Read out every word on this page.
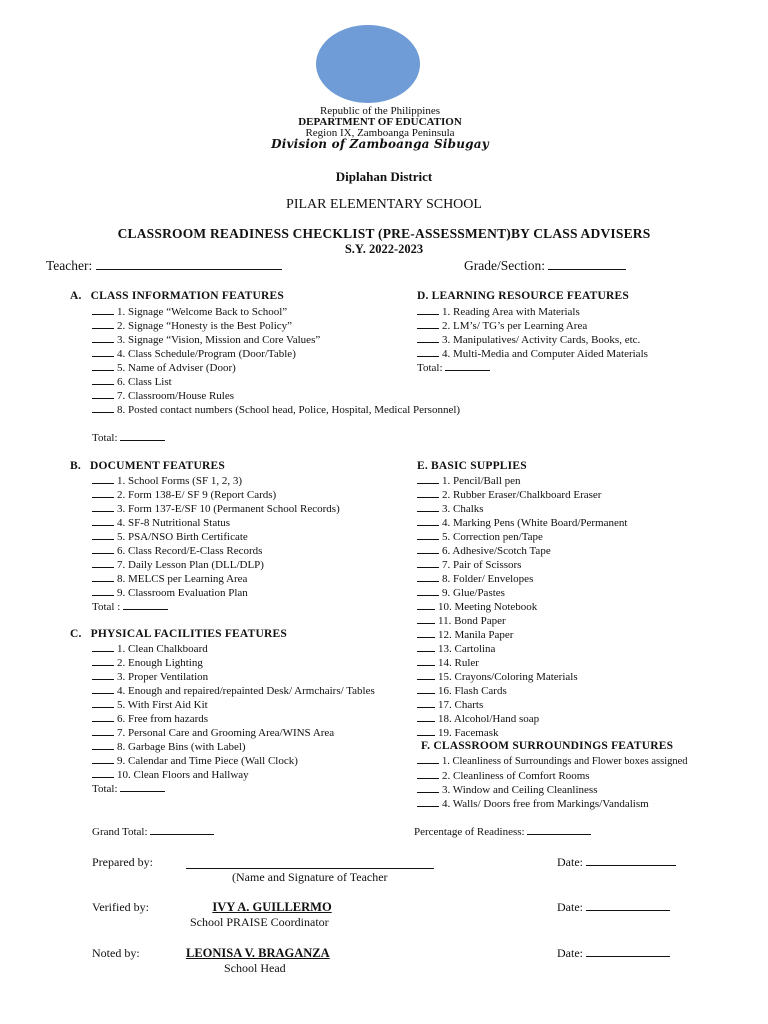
Republic of the Philippines
DEPARTMENT OF EDUCATION
Region IX, Zamboanga Peninsula
Division of Zamboanga Sibugay
Diplahan District
PILAR ELEMENTARY SCHOOL
CLASSROOM READINESS CHECKLIST (PRE-ASSESSMENT)BY CLASS ADVISERS
S.Y. 2022-2023
Teacher:	Grade/Section:
A. CLASS INFORMATION FEATURES
1. Signage “Welcome Back to School”
2. Signage “Honesty is the Best Policy”
3. Signage “Vision, Mission and Core Values”
4. Class Schedule/Program (Door/Table)
5. Name of Adviser (Door)
6. Class List
7. Classroom/House Rules
8. Posted contact numbers (School head, Police, Hospital, Medical Personnel)
Total:
B. DOCUMENT FEATURES
1. School Forms (SF 1, 2, 3)
2. Form 138-E/ SF 9 (Report Cards)
3. Form 137-E/SF 10 (Permanent School Records)
4. SF-8 Nutritional Status
5. PSA/NSO Birth Certificate
6. Class Record/E-Class Records
7. Daily Lesson Plan (DLL/DLP)
8. MELCS per Learning Area
9. Classroom Evaluation Plan
Total :
C. PHYSICAL FACILITIES FEATURES
1. Clean Chalkboard
2. Enough Lighting
3. Proper Ventilation
4. Enough and repaired/repainted Desk/ Armchairs/ Tables
5. With First Aid Kit
6. Free from hazards
7. Personal Care and Grooming Area/WINS Area
8. Garbage Bins (with Label)
9. Calendar and Time Piece (Wall Clock)
10. Clean Floors and Hallway
Total:
D. LEARNING RESOURCE FEATURES
1. Reading Area with Materials
2. LM’s/ TG’s per Learning Area
3. Manipulatives/ Activity Cards, Books, etc.
4. Multi-Media and Computer Aided Materials
Total:
E. BASIC SUPPLIES
1. Pencil/Ball pen
2. Rubber Eraser/Chalkboard Eraser
3. Chalks
4. Marking Pens (White Board/Permanent
5. Correction pen/Tape
6. Adhesive/Scotch Tape
7. Pair of Scissors
8. Folder/ Envelopes
9. Glue/Pastes
10. Meeting Notebook
11. Bond Paper
12. Manila Paper
13. Cartolina
14. Ruler
15. Crayons/Coloring Materials
16. Flash Cards
17. Charts
18. Alcohol/Hand soap
19. Facemask
F. CLASSROOM SURROUNDINGS FEATURES
1. Cleanliness of Surroundings and Flower boxes assigned
2. Cleanliness of Comfort Rooms
3. Window and Ceiling Cleanliness
4. Walls/ Doors free from Markings/Vandalism
Grand Total:	Percentage of Readiness:
Prepared by:
(Name and Signature of Teacher
Date:
Verified by:	IVY A. GUILLERMO
School PRAISE Coordinator
Date:
Noted by:	LEONISA V. BRAGANZA
School Head
Date:
